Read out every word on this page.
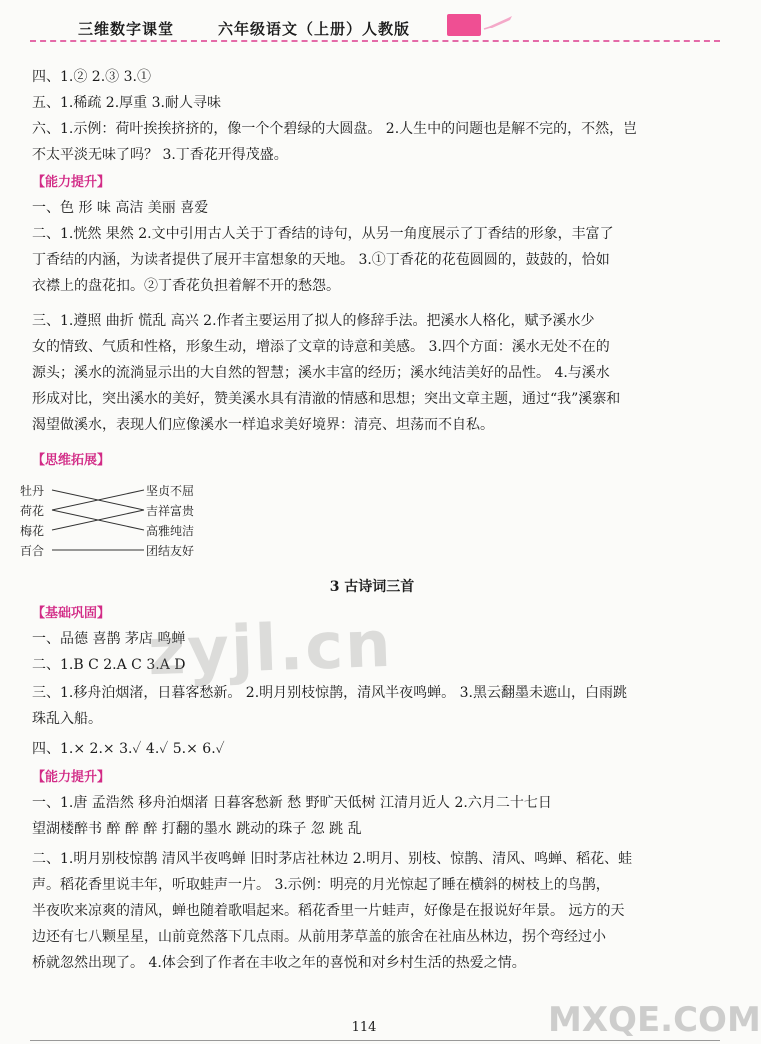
三维数字课堂	六年级语文（上册）人教版
四、1.② 2.③ 3.①
五、1.稀疏 2.厚重 3.耐人寻味
六、1.示例：荷叶挨挨挤挤的，像一个个碧绿的大圆盘。 2.人生中的问题也是解不完的，不然，岂
不太平淡无味了吗？ 3.丁香花开得茂盛。
【能力提升】
一、色 形 味 高洁 美丽 喜爱
二、1.恍然 果然 2.文中引用古人关于丁香结的诗句，从另一角度展示了丁香结的形象，丰富了
丁香结的内涵，为读者提供了展开丰富想象的天地。 3.①丁香花的花苞圆圆的，鼓鼓的，恰如
衣襟上的盘花扣。②丁香花负担着解不开的愁怨。
三、1.遵照 曲折 慌乱 高兴 2.作者主要运用了拟人的修辞手法。把溪水人格化，赋予溪水少
女的情致、气质和性格，形象生动，增添了文章的诗意和美感。 3.四个方面：溪水无处不在的
源头；溪水的流淌显示出的大自然的智慧；溪水丰富的经历；溪水纯洁美好的品性。 4.与溪水
形成对比，突出溪水的美好，赞美溪水具有清澈的情感和思想；突出文章主题，通过“我”溪寨和
渴望做溪水，表现人们应像溪水一样追求美好境界：清亮、坦荡而不自私。
【思维拓展】
3 古诗词三首
【基础巩固】
一、品德 喜鹊 茅店 鸣蝉
二、1.B C 2.A C 3.A D
三、1.移舟泊烟渚，日暮客愁新。 2.明月别枝惊鹊，清风半夜鸣蝉。 3.黑云翻墨未遮山，白雨跳
珠乱入船。
四、1.× 2.× 3.✓ 4.✓ 5.× 6.✓
【能力提升】
一、1.唐 孟浩然 移舟泊烟渚 日暮客愁新 愁 野旷天低树 江清月近人 2.六月二十七日
望湖楼醉书 醉 醉 醉 打翻的墨水 跳动的珠子 忽 跳 乱
二、1.明月别枝惊鹊 清风半夜鸣蝉 旧时茅店社林边 2.明月、别枝、惊鹊、清风、鸣蝉、稻花、蛙
声。稻花香里说丰年，听取蛙声一片。 3.示例：明亮的月光惊起了睡在横斜的树枝上的鸟鹊，
半夜吹来凉爽的清风，蝉也随着歌唱起来。稻花香里一片蛙声，好像是在报说好年景。 远方的天
边还有七八颗星星，山前竟然落下几点雨。从前用茅草盖的旅舍在社庙丛林边，拐个弯经过小
桥就忽然出现了。 4.体会到了作者在丰收之年的喜悦和对乡村生活的热爱之情。
牡丹
荷花
梅花
百合
坚贞不屈
吉祥富贵
高雅纯洁
团结友好
zyjl.cn
MXQE.COM
114
